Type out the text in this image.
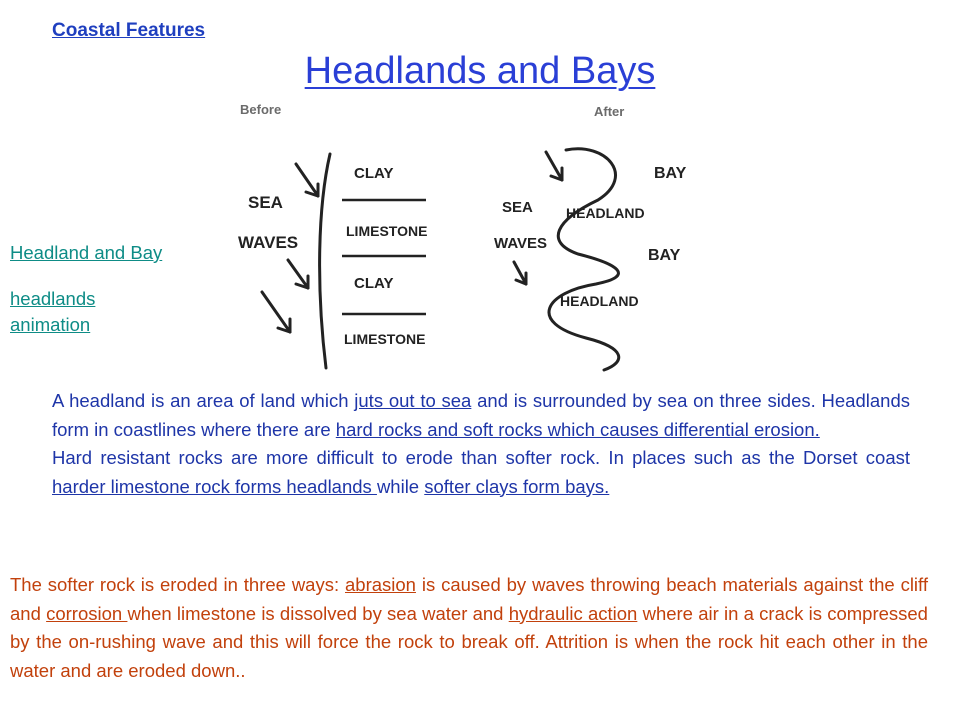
Coastal Features
Headlands and Bays
Headland and Bay
headlands animation
Before	After
CLAY
LIMESTONE
CLAY
LIMESTONE
SEA
WAVES
BAY
HEADLAND
BAY
HEADLAND
SEA
WAVES

A headland is an area of land which juts out to sea and is surrounded by sea on three sides. Headlands form in coastlines where there are hard rocks and soft rocks which causes differential erosion.

Hard resistant rocks are more difficult to erode than softer rock. In places such as the Dorset coast harder limestone rock forms headlands while softer clays form bays.

The softer rock is eroded in three ways: abrasion is caused by waves throwing beach materials against the cliff and corrosion when limestone is dissolved by sea water and hydraulic action where air in a crack is compressed by the on-rushing wave and this will force the rock to break off. Attrition is when the rock hit each other in the water and are eroded down..
